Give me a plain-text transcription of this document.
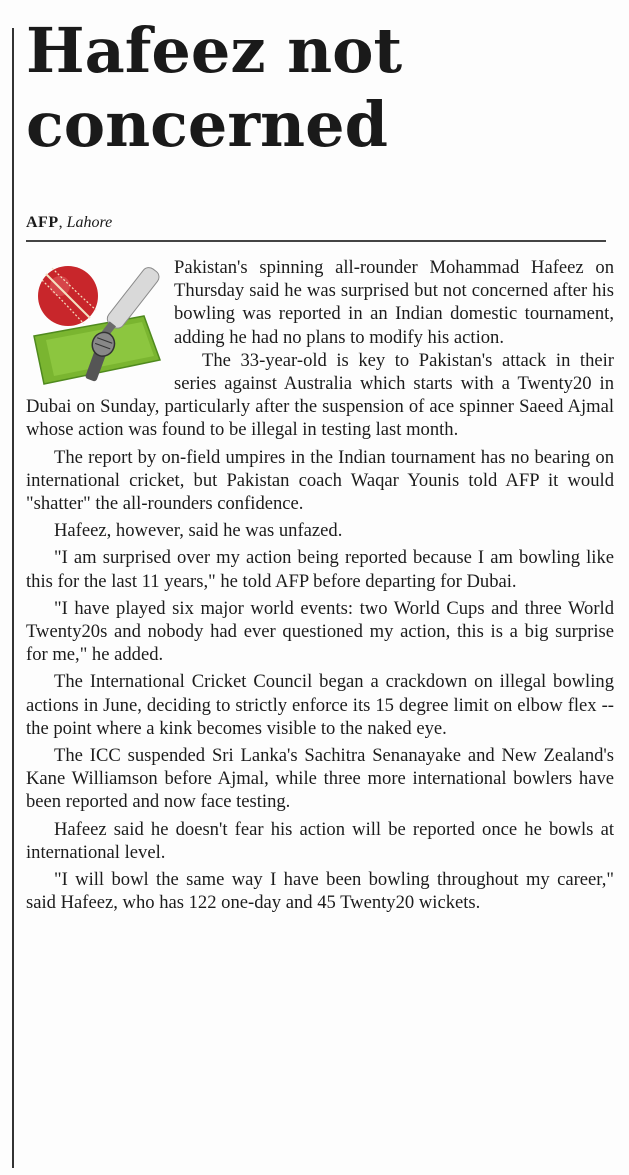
Hafeez not
concerned
AFP, Lahore

Pakistan's spinning all-rounder Mohammad Hafeez on Thursday said he was surprised but not concerned after his bowling was reported in an Indian domestic tournament, adding he had no plans to modify his action.

The 33-year-old is key to Pakistan's attack in their series against Australia which starts with a Twenty20 in Dubai on Sunday, particularly after the suspension of ace spinner Saeed Ajmal whose action was found to be illegal in testing last month.

The report by on-field umpires in the Indian tournament has no bearing on international cricket, but Pakistan coach Waqar Younis told AFP it would "shatter" the all-rounders confidence.

Hafeez, however, said he was unfazed.

"I am surprised over my action being reported because I am bowling like this for the last 11 years," he told AFP before departing for Dubai.

"I have played six major world events: two World Cups and three World Twenty20s and nobody had ever questioned my action, this is a big surprise for me," he added.

The International Cricket Council began a crackdown on illegal bowling actions in June, deciding to strictly enforce its 15 degree limit on elbow flex -- the point where a kink becomes visible to the naked eye.

The ICC suspended Sri Lanka's Sachitra Senanayake and New Zealand's Kane Williamson before Ajmal, while three more international bowlers have been reported and now face testing.

Hafeez said he doesn't fear his action will be reported once he bowls at international level.

"I will bowl the same way I have been bowling throughout my career," said Hafeez, who has 122 one-day and 45 Twenty20 wickets.
